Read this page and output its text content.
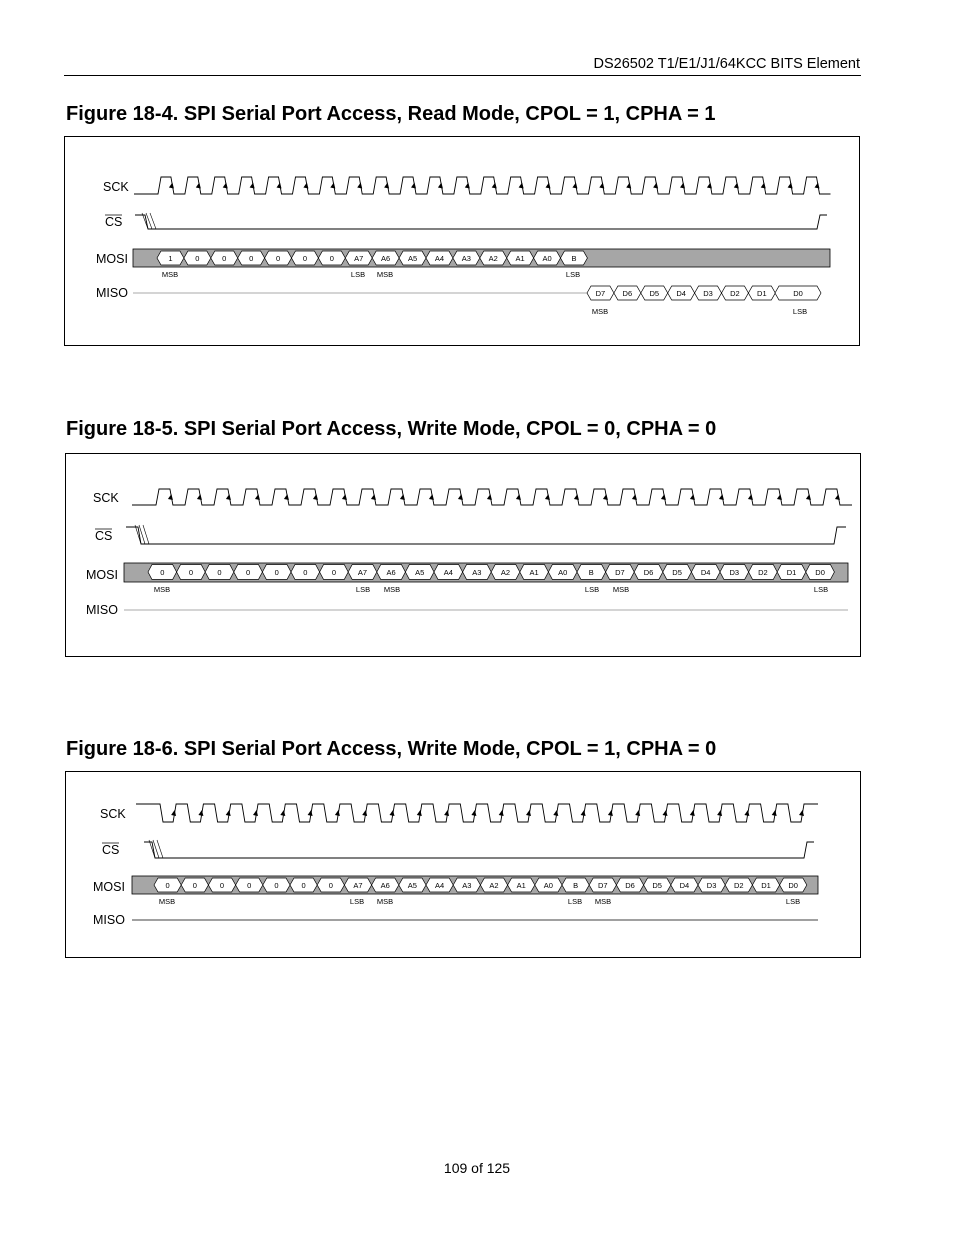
DS26502 T1/E1/J1/64KCC BITS Element
Figure 18-4. SPI Serial Port Access, Read Mode, CPOL = 1, CPHA = 1
SCK
CS
MOSI
MISO
1	0	0	0	0	0	0	A7 A6 A5 A4 A3 A2 A1 A0	B
MSB	LSB MSB	LSB
D7 D6 D5 D4 D3 D2 D1	D0
MSB	LSB
Figure 18-5. SPI Serial Port Access, Write Mode, CPOL = 0, CPHA = 0
SCK
CS
MOSI
MISO
0	0	0	0	0	0	0	A7	A6	A5	A4	A3	A2	A1	A0	B	D7	D6	D5	D4	D3	D2	D1	D0
MSB	LSB MSB	LSB MSB	LSB
Figure 18-6. SPI Serial Port Access, Write Mode, CPOL = 1, CPHA = 0
SCK
CS
MOSI
MISO
0	0	0	0	0	0	0	A7 A6 A5 A4 A3 A2 A1 A0	B	D7 D6 D5 D4 D3 D2 D1 D0
MSB	LSB MSB	LSB MSB	LSB
109 of 125
